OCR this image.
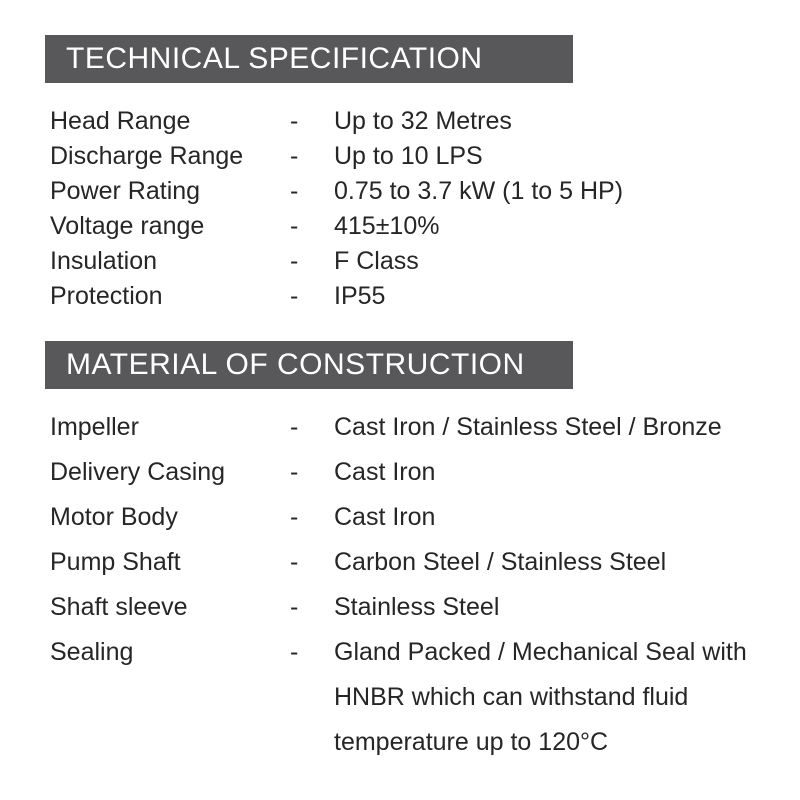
TECHNICAL SPECIFICATION
Head Range	-	Up to 32 Metres
Discharge Range	-	Up to 10 LPS
Power Rating	-	0.75 to 3.7 kW (1 to 5 HP)
Voltage range	-	415±10%
Insulation	-	F Class
Protection	-	IP55
MATERIAL OF CONSTRUCTION
Impeller	-	Cast Iron / Stainless Steel / Bronze
Delivery Casing	-	Cast Iron
Motor Body	-	Cast Iron
Pump Shaft	-	Carbon Steel / Stainless Steel
Shaft sleeve	-	Stainless Steel
Sealing	-	Gland Packed / Mechanical Seal with HNBR which can withstand fluid temperature up to 120°C
